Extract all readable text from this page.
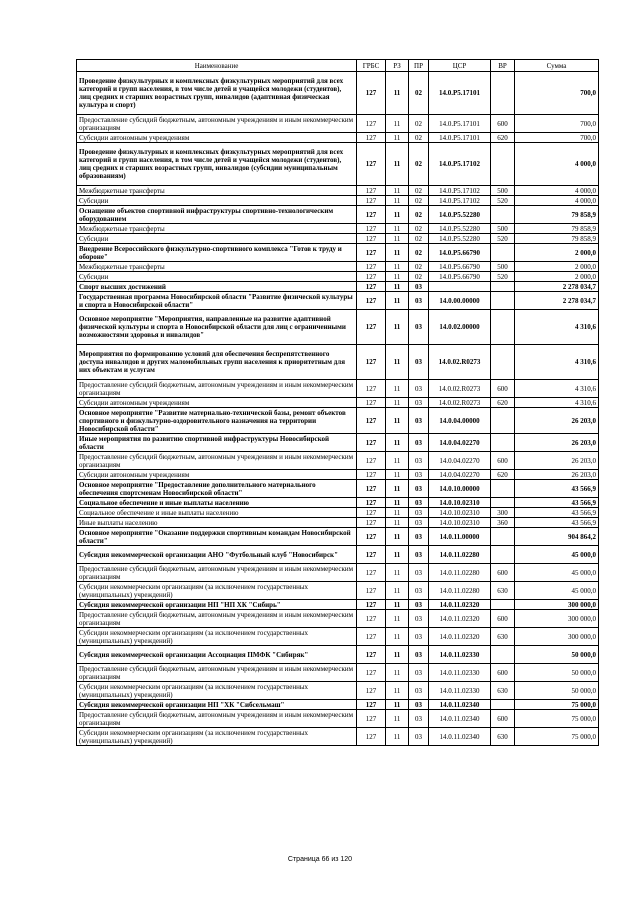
Наименование	ГРБС	РЗ	ПР	ЦСР	ВР	Сумма
Проведение физкультурных и комплексных физкультурных мероприятий для всех категорий и групп населения, в том числе детей и учащейся молодежи (студентов), лиц средних и старших возрастных групп, инвалидов (адаптивная физическая культура и спорт)	127	11	02	14.0.P5.17101		700,0
Предоставление субсидий бюджетным, автономным учреждениям и иным некоммерческим организациям	127	11	02	14.0.P5.17101	600	700,0
Субсидии автономным учреждениям	127	11	02	14.0.P5.17101	620	700,0
Проведение физкультурных и комплексных физкультурных мероприятий для всех категорий и групп населения, в том числе детей и учащейся молодежи (студентов), лиц средних и старших возрастных групп, инвалидов (субсидии муниципальным образованиям)	127	11	02	14.0.P5.17102		4 000,0
Межбюджетные трансферты	127	11	02	14.0.P5.17102	500	4 000,0
Субсидии	127	11	02	14.0.P5.17102	520	4 000,0
Оснащение объектов спортивной инфраструктуры спортивно-технологическим оборудованием	127	11	02	14.0.P5.52280		79 858,9
Межбюджетные трансферты	127	11	02	14.0.P5.52280	500	79 858,9
Субсидии	127	11	02	14.0.P5.52280	520	79 858,9
Внедрение Всероссийского физкультурно-спортивного комплекса "Готов к труду и обороне"	127	11	02	14.0.P5.66790		2 000,0
Межбюджетные трансферты	127	11	02	14.0.P5.66790	500	2 000,0
Субсидии	127	11	02	14.0.P5.66790	520	2 000,0
Спорт высших достижений	127	11	03			2 278 034,7
Государственная программа Новосибирской области "Развитие физической культуры и спорта в Новосибирской области"	127	11	03	14.0.00.00000		2 278 034,7
Основное мероприятие "Мероприятия, направленные на развитие адаптивной физической культуры и спорта в Новосибирской области для лиц с ограниченными возможностями здоровья и инвалидов"	127	11	03	14.0.02.00000		4 310,6
Мероприятия по формированию условий для обеспечения беспрепятственного доступа инвалидов и других маломобильных групп населения к приоритетным для них объектам и услугам	127	11	03	14.0.02.R0273		4 310,6
Предоставление субсидий бюджетным, автономным учреждениям и иным некоммерческим организациям	127	11	03	14.0.02.R0273	600	4 310,6
Субсидии автономным учреждениям	127	11	03	14.0.02.R0273	620	4 310,6
Основное мероприятие "Развитие материально-технической базы, ремонт объектов спортивного и физкультурно-оздоровительного назначения на территории Новосибирской области"	127	11	03	14.0.04.00000		26 203,0
Иные мероприятия по развитию спортивной инфраструктуры Новосибирской области	127	11	03	14.0.04.02270		26 203,0
Предоставление субсидий бюджетным, автономным учреждениям и иным некоммерческим организациям	127	11	03	14.0.04.02270	600	26 203,0
Субсидии автономным учреждениям	127	11	03	14.0.04.02270	620	26 203,0
Основное мероприятие "Предоставление дополнительного материального обеспечения спортсменам Новосибирской области"	127	11	03	14.0.10.00000		43 566,9
Социальное обеспечение и иные выплаты населению	127	11	03	14.0.10.02310		43 566,9
Социальное обеспечение и иные выплаты населению	127	11	03	14.0.10.02310	300	43 566,9
Иные выплаты населению	127	11	03	14.0.10.02310	360	43 566,9
Основное мероприятие "Оказание поддержки спортивным командам Новосибирской области"	127	11	03	14.0.11.00000		904 864,2
Субсидия некоммерческой организации АНО "Футбольный клуб "Новосибирск"	127	11	03	14.0.11.02280		45 000,0
Предоставление субсидий бюджетным, автономным учреждениям и иным некоммерческим организациям	127	11	03	14.0.11.02280	600	45 000,0
Субсидии некоммерческим организациям (за исключением государственных (муниципальных) учреждений)	127	11	03	14.0.11.02280	630	45 000,0
Субсидия некоммерческой организации НП "НП ХК "Сибирь"	127	11	03	14.0.11.02320		300 000,0
Предоставление субсидий бюджетным, автономным учреждениям и иным некоммерческим организациям	127	11	03	14.0.11.02320	600	300 000,0
Субсидии некоммерческим организациям (за исключением государственных (муниципальных) учреждений)	127	11	03	14.0.11.02320	630	300 000,0
Субсидия некоммерческой организации Ассоциация ПМФК "Сибиряк"	127	11	03	14.0.11.02330		50 000,0
Предоставление субсидий бюджетным, автономным учреждениям и иным некоммерческим организациям	127	11	03	14.0.11.02330	600	50 000,0
Субсидии некоммерческим организациям (за исключением государственных (муниципальных) учреждений)	127	11	03	14.0.11.02330	630	50 000,0
Субсидия некоммерческой организации НП "ХК "Сибсельмаш"	127	11	03	14.0.11.02340		75 000,0
Предоставление субсидий бюджетным, автономным учреждениям и иным некоммерческим организациям	127	11	03	14.0.11.02340	600	75 000,0
Субсидии некоммерческим организациям (за исключением государственных (муниципальных) учреждений)	127	11	03	14.0.11.02340	630	75 000,0
Страница 66 из 120
